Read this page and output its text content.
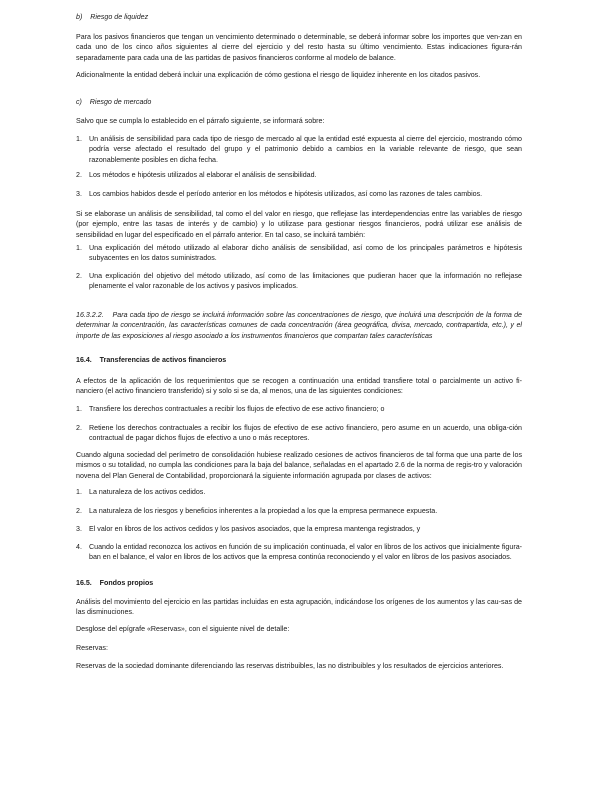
b)    Riesgo de liquidez

Para los pasivos financieros que tengan un vencimiento determinado o determinable, se deberá informar sobre los importes que ven-zan en cada uno de los cinco años siguientes al cierre del ejercicio y del resto hasta su último vencimiento. Estas indicaciones figura-rán separadamente para cada una de las partidas de pasivos financieros conforme al modelo de balance.

Adicionalmente la entidad deberá incluir una explicación de cómo gestiona el riesgo de liquidez inherente en los citados pasivos.

c)    Riesgo de mercado

Salvo que se cumpla lo establecido en el párrafo siguiente, se informará sobre:

1. Un análisis de sensibilidad para cada tipo de riesgo de mercado al que la entidad esté expuesta al cierre del ejercicio, mostrando cómo podría verse afectado el resultado del grupo y el patrimonio debido a cambios en la variable relevante de riesgo, que sean razonablemente posibles en dicha fecha.
2. Los métodos e hipótesis utilizados al elaborar el análisis de sensibilidad.
3. Los cambios habidos desde el período anterior en los métodos e hipótesis utilizados, así como las razones de tales cambios.

Si se elaborase un análisis de sensibilidad, tal como el del valor en riesgo, que reflejase las interdependencias entre las variables de riesgo (por ejemplo, entre las tasas de interés y de cambio) y lo utilizase para gestionar riesgos financieros, podrá utilizar ese análisis de sensibilidad en lugar del especificado en el párrafo anterior. En tal caso, se incluirá también:

1. Una explicación del método utilizado al elaborar dicho análisis de sensibilidad, así como de los principales parámetros e hipótesis subyacentes en los datos suministrados.
2. Una explicación del objetivo del método utilizado, así como de las limitaciones que pudieran hacer que la información no reflejase plenamente el valor razonable de los activos y pasivos implicados.

16.3.2.2.    Para cada tipo de riesgo se incluirá información sobre las concentraciones de riesgo, que incluirá una descripción de la forma de determinar la concentración, las características comunes de cada concentración (área geográfica, divisa, mercado, contrapartida, etc.), y el importe de las exposiciones al riesgo asociado a los instrumentos financieros que compartan tales características

16.4.    Transferencias de activos financieros

A efectos de la aplicación de los requerimientos que se recogen a continuación una entidad transfiere total o parcialmente un activo fi-nanciero (el activo financiero transferido) si y solo si se da, al menos, una de las siguientes condiciones:

1. Transfiere los derechos contractuales a recibir los flujos de efectivo de ese activo financiero; o
2. Retiene los derechos contractuales a recibir los flujos de efectivo de ese activo financiero, pero asume en un acuerdo, una obliga-ción contractual de pagar dichos flujos de efectivo a uno o más receptores.

Cuando alguna sociedad del perímetro de consolidación hubiese realizado cesiones de activos financieros de tal forma que una parte de los mismos o su totalidad, no cumpla las condiciones para la baja del balance, señaladas en el apartado 2.6 de la norma de regis-tro y valoración novena del Plan General de Contabilidad, proporcionará la siguiente información agrupada por clases de activos:

1. La naturaleza de los activos cedidos.
2. La naturaleza de los riesgos y beneficios inherentes a la propiedad a los que la empresa permanece expuesta.
3. El valor en libros de los activos cedidos y los pasivos asociados, que la empresa mantenga registrados, y
4. Cuando la entidad reconozca los activos en función de su implicación continuada, el valor en libros de los activos que inicialmente figura-ban en el balance, el valor en libros de los activos que la empresa continúa reconociendo y el valor en libros de los pasivos asociados.

16.5.    Fondos propios

Análisis del movimiento del ejercicio en las partidas incluidas en esta agrupación, indicándose los orígenes de los aumentos y las cau-sas de las disminuciones.

Desglose del epígrafe «Reservas», con el siguiente nivel de detalle:

Reservas:

Reservas de la sociedad dominante diferenciando las reservas distribuibles, las no distribuibles y los resultados de ejercicios anteriores.
